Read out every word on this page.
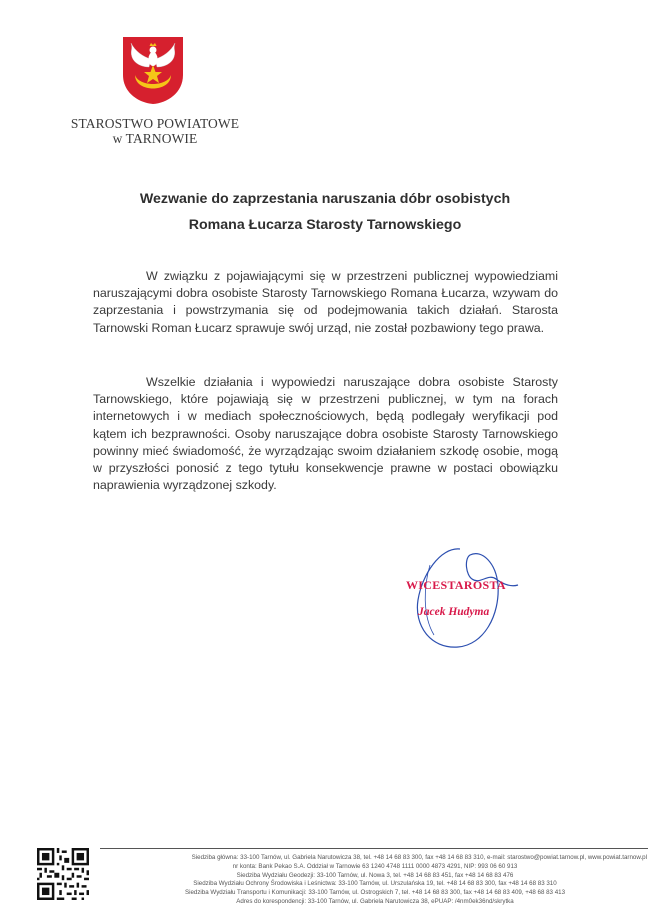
STAROSTWO POWIATOWE
w TARNOWIE
Wezwanie do zaprzestania naruszania dóbr osobistych
Romana Łucarza Starosty Tarnowskiego

W związku z pojawiającymi się w przestrzeni publicznej wypowiedziami naruszającymi dobra osobiste Starosty Tarnowskiego Romana Łucarza, wzywam do zaprzestania i powstrzymania się od podejmowania takich działań. Starosta Tarnowski Roman Łucarz sprawuje swój urząd, nie został pozbawiony tego prawa.

Wszelkie działania i wypowiedzi naruszające dobra osobiste Starosty Tarnowskiego, które pojawiają się w przestrzeni publicznej, w tym na forach internetowych i w mediach społecznościowych, będą podlegały weryfikacji pod kątem ich bezprawności. Osoby naruszające dobra osobiste Starosty Tarnowskiego powinny mieć świadomość, że wyrządzając swoim działaniem szkodę osobie, mogą w przyszłości ponosić z tego tytułu konsekwencje prawne w postaci obowiązku naprawienia wyrządzonej szkody.

WICESTAROSTA
Jacek Hudyma
Siedziba główna: 33-100 Tarnów, ul. Gabriela Narutowicza 38, tel. +48 14 68 83 300, fax +48 14 68 83 310, e-mail: starostwo@powiat.tarnow.pl, www.powiat.tarnow.pl
nr konta: Bank Pekao S.A. Oddział w Tarnowie 63 1240 4748 1111 0000 4873 4291, NIP: 993 06 60 913
Siedziba Wydziału Geodezji: 33-100 Tarnów, ul. Nowa 3, tel. +48 14 68 83 451, fax +48 14 68 83 476
Siedziba Wydziału Ochrony Środowiska i Leśnictwa: 33-100 Tarnów, ul. Urszulańska 19, tel. +48 14 68 83 300, fax +48 14 68 83 310
Siedziba Wydziału Transportu i Komunikacji: 33-100 Tarnów, ul. Ostrogskich 7, tel. +48 14 68 83 300, fax +48 14 68 83 409, +48 68 83 413
Adres do korespondencji: 33-100 Tarnów, ul. Gabriela Narutowicza 38, ePUAP: /4nm0ek36nd/skrytka
